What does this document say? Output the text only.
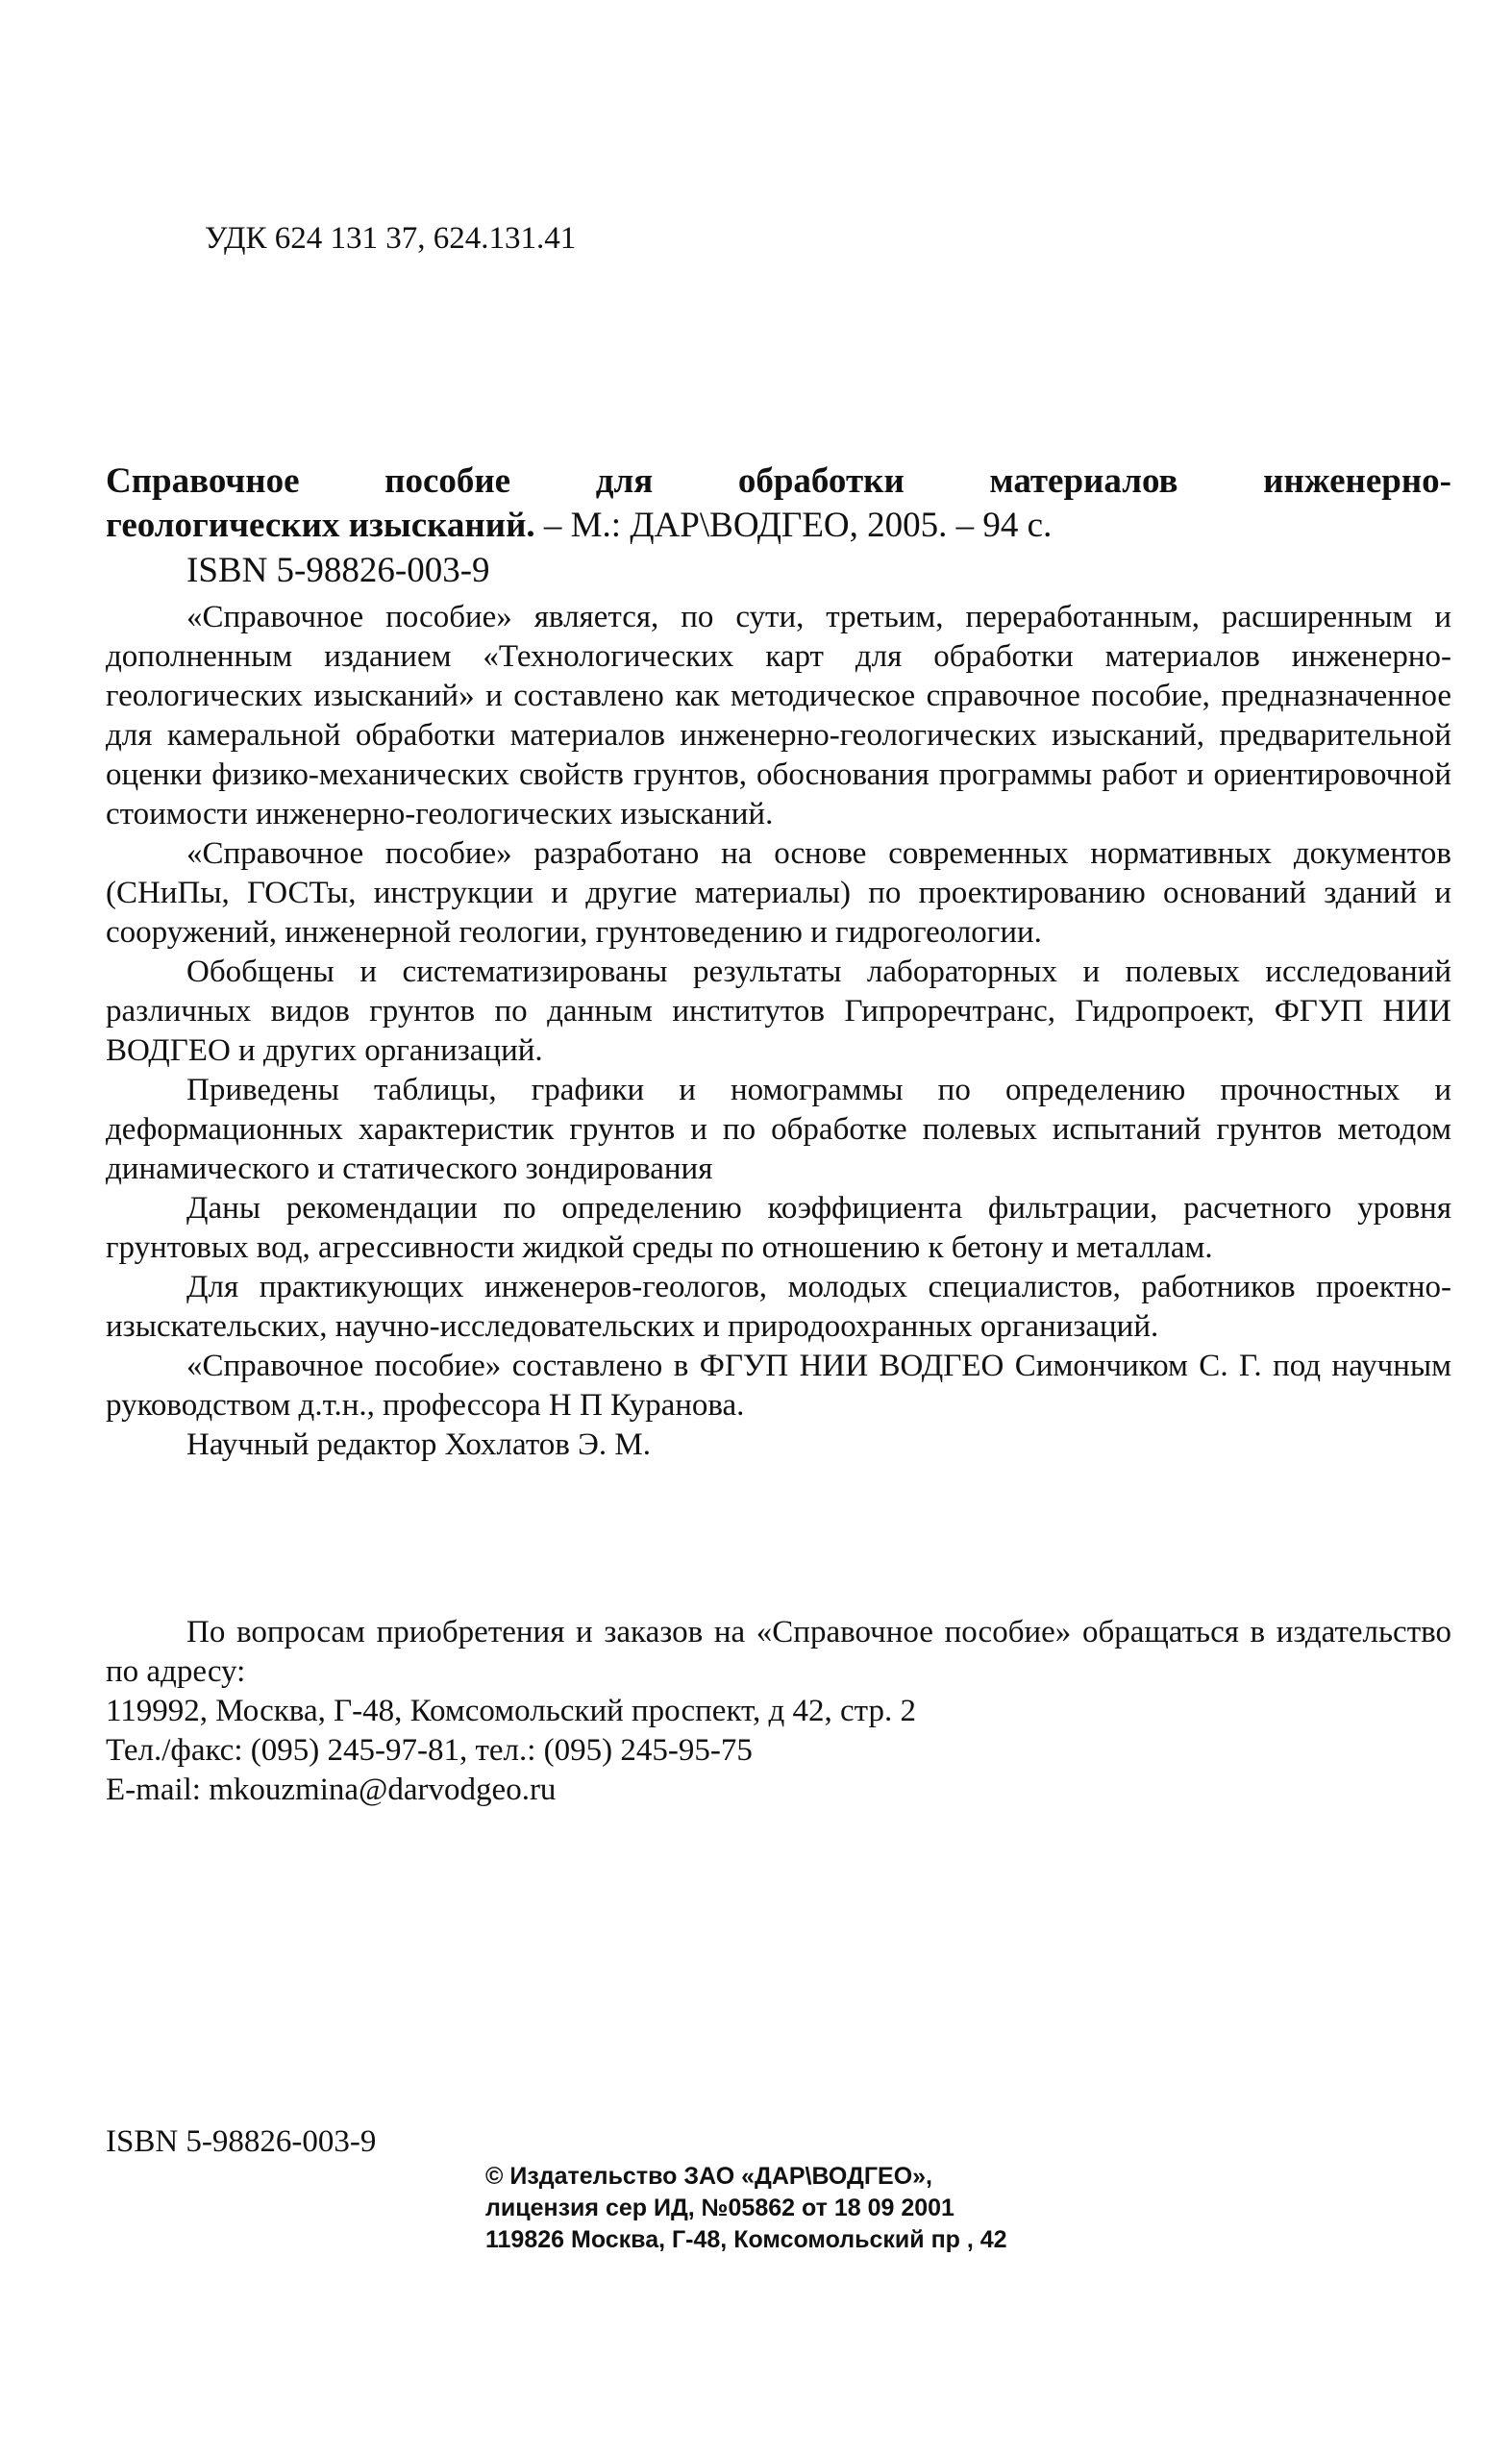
УДК 624 131 37, 624.131.41
Справочное пособие для обработки материалов инженерно-
геологических изысканий. – М.: ДАР\ВОДГЕО, 2005. – 94 с.
ISBN 5-98826-003-9

«Справочное пособие» является, по сути, третьим, переработанным, расширенным и дополненным изданием «Технологических карт для обработки материалов инженерно-геологических изысканий» и составлено как методическое справочное пособие, предназначенное для камеральной обработки материалов инженерно-геологических изысканий, предварительной оценки физико-механических свойств грунтов, обоснования программы работ и ориентировочной стоимости инженерно-геологических изысканий.

«Справочное пособие» разработано на основе современных нормативных документов (СНиПы, ГОСТы, инструкции и другие материалы) по проектированию оснований зданий и сооружений, инженерной геологии, грунтоведению и гидрогеологии.

Обобщены и систематизированы результаты лабораторных и полевых исследований различных видов грунтов по данным институтов Гипроречтранс, Гидропроект, ФГУП НИИ ВОДГЕО и других организаций.

Приведены таблицы, графики и номограммы по определению прочностных и деформационных характеристик грунтов и по обработке полевых испытаний грунтов методом динамического и статического зондирования

Даны рекомендации по определению коэффициента фильтрации, расчетного уровня грунтовых вод, агрессивности жидкой среды по отношению к бетону и металлам.

Для практикующих инженеров-геологов, молодых специалистов, работников проектно-изыскательских, научно-исследовательских и природоохранных организаций.

«Справочное пособие» составлено в ФГУП НИИ ВОДГЕО Симончиком С. Г. под научным руководством д.т.н., профессора Н П Куранова.

Научный редактор Хохлатов Э. М.

По вопросам приобретения и заказов на «Справочное пособие» обращаться в издательство по адресу:

119992, Москва, Г-48, Комсомольский проспект, д 42, стр. 2

Тел./факс: (095) 245-97-81, тел.: (095) 245-95-75

E-mail: mkouzmina@darvodgeo.ru

ISBN 5-98826-003-9
© Издательство ЗАО «ДАР\ВОДГЕО»,
лицензия сер ИД, №05862 от 18 09 2001
119826 Москва, Г-48, Комсомольский пр , 42
